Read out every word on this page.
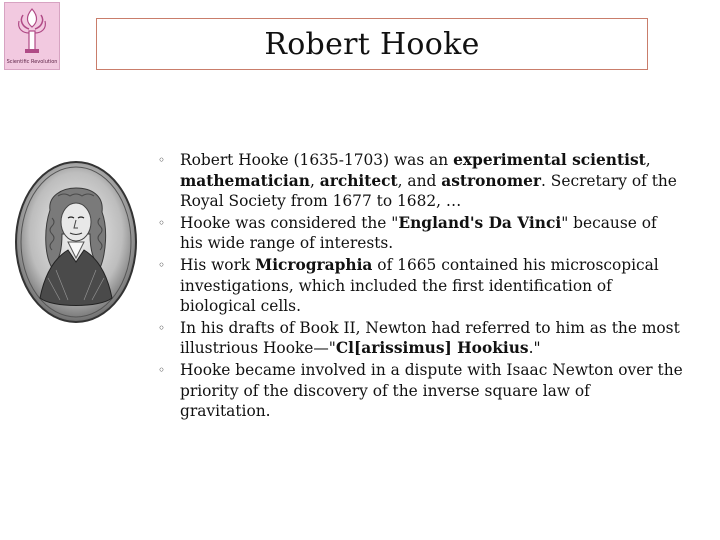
Scientific Revolution
Robert Hooke
◦ Robert Hooke (1635-1703) was an experimental scientist, mathematician, architect, and astronomer. Secretary of the Royal Society from 1677 to 1682, …
◦ Hooke was considered the "England's Da Vinci" because of his wide range of interests.
◦ His work Micrographia of 1665 contained his microscopical investigations, which included the first identification of biological cells.
◦ In his drafts of Book II, Newton had referred to him as the most illustrious Hooke—"Cl[arissimus] Hookius."
◦ Hooke became involved in a dispute with Isaac Newton over the priority of the discovery of the inverse square law of gravitation.
